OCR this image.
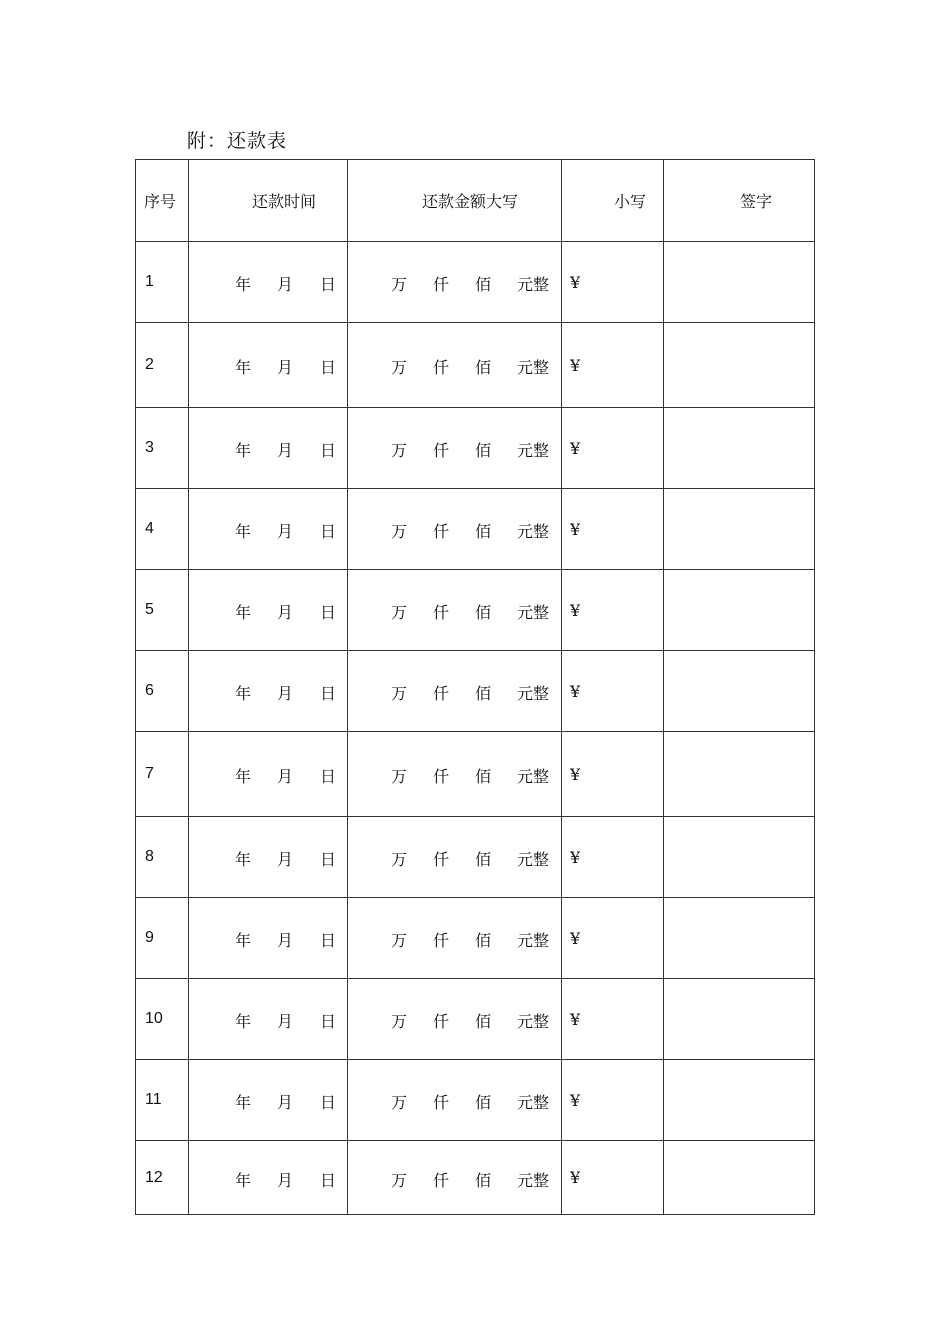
附：还款表
序号	还款时间	还款金额大写	小写	签字
1	年 月 日	万 仟 佰 元整	¥	
2	年 月 日	万 仟 佰 元整	¥	
3	年 月 日	万 仟 佰 元整	¥	
4	年 月 日	万 仟 佰 元整	¥	
5	年 月 日	万 仟 佰 元整	¥	
6	年 月 日	万 仟 佰 元整	¥	
7	年 月 日	万 仟 佰 元整	¥	
8	年 月 日	万 仟 佰 元整	¥	
9	年 月 日	万 仟 佰 元整	¥	
10	年 月 日	万 仟 佰 元整	¥	
11	年 月 日	万 仟 佰 元整	¥	
12	年 月 日	万 仟 佰 元整	¥	
